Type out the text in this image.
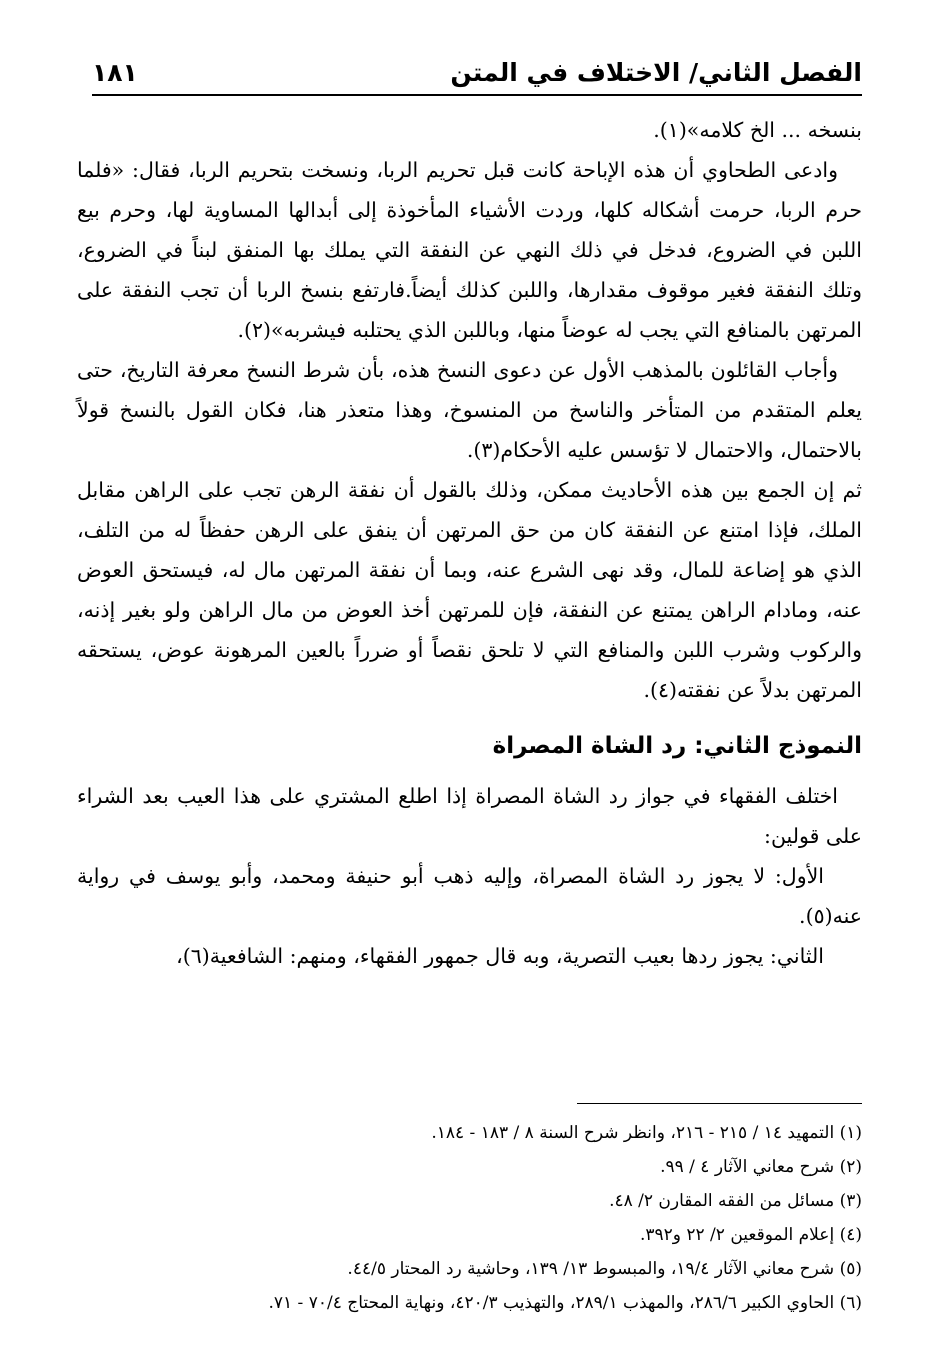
الفصل الثاني/ الاختلاف في المتن
١٨١

بنسخه ... الخ كلامه»(١).

وادعى الطحاوي أن هذه الإباحة كانت قبل تحريم الربا، ونسخت بتحريم الربا، فقال: «فلما حرم الربا، حرمت أشكاله كلها، وردت الأشياء المأخوذة إلى أبدالها المساوية لها، وحرم بيع اللبن في الضروع، فدخل في ذلك النهي عن النفقة التي يملك بها المنفق لبناً في الضروع، وتلك النفقة فغير موقوف مقدارها، واللبن كذلك أيضاً.فارتفع بنسخ الربا أن تجب النفقة على المرتهن بالمنافع التي يجب له عوضاً منها، وباللبن الذي يحتلبه فيشربه»(٢).

وأجاب القائلون بالمذهب الأول عن دعوى النسخ هذه، بأن شرط النسخ معرفة التاريخ، حتى يعلم المتقدم من المتأخر والناسخ من المنسوخ، وهذا متعذر هنا، فكان القول بالنسخ قولاً بالاحتمال، والاحتمال لا تؤسس عليه الأحكام(٣).

ثم إن الجمع بين هذه الأحاديث ممكن، وذلك بالقول أن نفقة الرهن تجب على الراهن مقابل الملك، فإذا امتنع عن النفقة كان من حق المرتهن أن ينفق على الرهن حفظاً له من التلف، الذي هو إضاعة للمال، وقد نهى الشرع عنه، وبما أن نفقة المرتهن مال له، فيستحق العوض عنه، ومادام الراهن يمتنع عن النفقة، فإن للمرتهن أخذ العوض من مال الراهن ولو بغير إذنه، والركوب وشرب اللبن والمنافع التي لا تلحق نقصاً أو ضرراً بالعين المرهونة عوض، يستحقه المرتهن بدلاً عن نفقته(٤).

النموذج الثاني: رد الشاة المصراة

اختلف الفقهاء في جواز رد الشاة المصراة إذا اطلع المشتري على هذا العيب بعد الشراء على قولين:

الأول: لا يجوز رد الشاة المصراة، وإليه ذهب أبو حنيفة ومحمد، وأبو يوسف في رواية عنه(٥).

الثاني: يجوز ردها بعيب التصرية، وبه قال جمهور الفقهاء، ومنهم: الشافعية(٦)،

(١) التمهيد ١٤ / ٢١٥ - ٢١٦، وانظر شرح السنة ٨ / ١٨٣ - ١٨٤.
(٢) شرح معاني الآثار ٤ / ٩٩.
(٣) مسائل من الفقه المقارن ٢/ ٤٨.
(٤) إعلام الموقعين ٢/ ٢٢ و٣٩٢.
(٥) شرح معاني الآثار ١٩/٤، والمبسوط ١٣/ ١٣٩، وحاشية رد المحتار ٤٤/٥.
(٦) الحاوي الكبير ٢٨٦/٦، والمهذب ٢٨٩/١، والتهذيب ٤٢٠/٣، ونهاية المحتاج ٧٠/٤ - ٧١.
